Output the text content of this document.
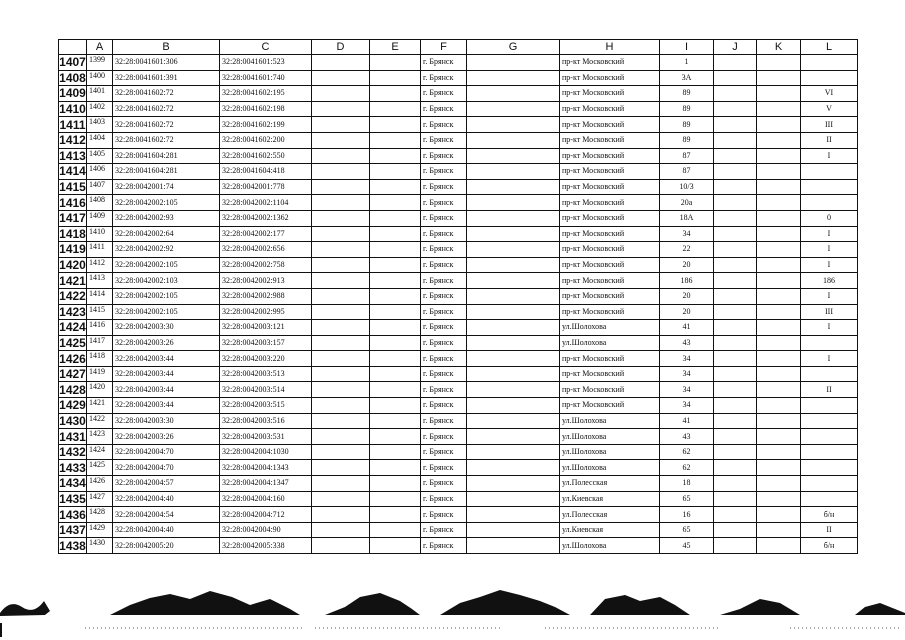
	A	B	C	D	E	F	G	H	I	J	K	L
1407	1399	32:28:0041601:306	32:28:0041601:523			г. Брянск		пр-кт Московский	1			
1408	1400	32:28:0041601:391	32:28:0041601:740			г. Брянск		пр-кт Московский	3А			
1409	1401	32:28:0041602:72	32:28:0041602:195			г. Брянск		пр-кт Московский	89			VI
1410	1402	32:28:0041602:72	32:28:0041602:198			г. Брянск		пр-кт Московский	89			V
1411	1403	32:28:0041602:72	32:28:0041602:199			г. Брянск		пр-кт Московский	89			III
1412	1404	32:28:0041602:72	32:28:0041602:200			г. Брянск		пр-кт Московский	89			II
1413	1405	32:28:0041604:281	32:28:0041602:550			г. Брянск		пр-кт Московский	87			I
1414	1406	32:28:0041604:281	32:28:0041604:418			г. Брянск		пр-кт Московский	87			
1415	1407	32:28:0042001:74	32:28:0042001:778			г. Брянск		пр-кт Московский	10/3			
1416	1408	32:28:0042002:105	32:28:0042002:1104			г. Брянск		пр-кт Московский	20а			
1417	1409	32:28:0042002:93	32:28:0042002:1362			г. Брянск		пр-кт Московский	18А			0
1418	1410	32:28:0042002:64	32:28:0042002:177			г. Брянск		пр-кт Московский	34			I
1419	1411	32:28:0042002:92	32:28:0042002:656			г. Брянск		пр-кт Московский	22			I
1420	1412	32:28:0042002:105	32:28:0042002:758			г. Брянск		пр-кт Московский	20			I
1421	1413	32:28:0042002:103	32:28:0042002:913			г. Брянск		пр-кт Московский	186			186
1422	1414	32:28:0042002:105	32:28:0042002:988			г. Брянск		пр-кт Московский	20			I
1423	1415	32:28:0042002:105	32:28:0042002:995			г. Брянск		пр-кт Московский	20			III
1424	1416	32:28:0042003:30	32:28:0042003:121			г. Брянск		ул.Шолохова	41			I
1425	1417	32:28:0042003:26	32:28:0042003:157			г. Брянск		ул.Шолохова	43			
1426	1418	32:28:0042003:44	32:28:0042003:220			г. Брянск		пр-кт Московский	34			I
1427	1419	32:28:0042003:44	32:28:0042003:513			г. Брянск		пр-кт Московский	34			
1428	1420	32:28:0042003:44	32:28:0042003:514			г. Брянск		пр-кт Московский	34			II
1429	1421	32:28:0042003:44	32:28:0042003:515			г. Брянск		пр-кт Московский	34			
1430	1422	32:28:0042003:30	32:28:0042003:516			г. Брянск		ул.Шолохова	41			
1431	1423	32:28:0042003:26	32:28:0042003:531			г. Брянск		ул.Шолохова	43			
1432	1424	32:28:0042004:70	32:28:0042004:1030			г. Брянск		ул.Шолохова	62			
1433	1425	32:28:0042004:70	32:28:0042004:1343			г. Брянск		ул.Шолохова	62			
1434	1426	32:28:0042004:57	32:28:0042004:1347			г. Брянск		ул.Полесская	18			
1435	1427	32:28:0042004:40	32:28:0042004:160			г. Брянск		ул.Киевская	65			
1436	1428	32:28:0042004:54	32:28:0042004:712			г. Брянск		ул.Полесская	16			б/н
1437	1429	32:28:0042004:40	32:28:0042004:90			г. Брянск		ул.Киевская	65			II
1438	1430	32:28:0042005:20	32:28:0042005:338			г. Брянск		ул.Шолохова	45			б/н
